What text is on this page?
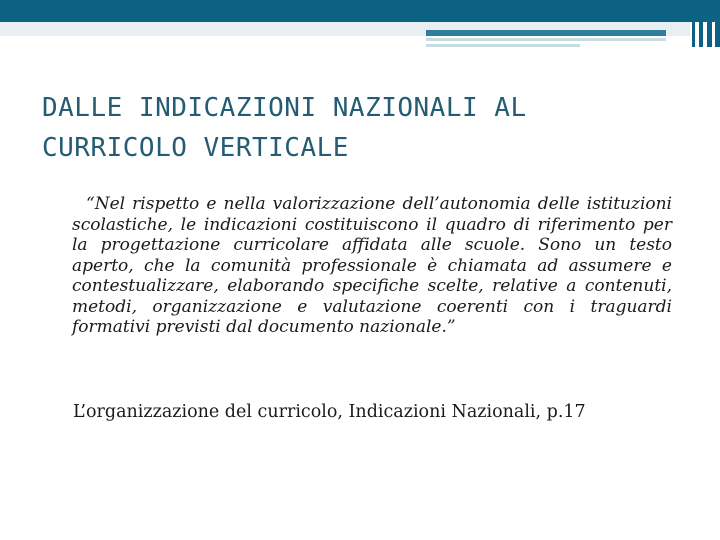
DALLE INDICAZIONI NAZIONALI AL
CURRICOLO VERTICALE

“Nel rispetto e nella valorizzazione dell’autonomia delle istituzioni scolastiche, le indicazioni costituiscono il quadro di riferimento per la progettazione curricolare affidata alle scuole. Sono un testo aperto, che la comunità professionale è chiamata ad assumere e contestualizzare, elaborando specifiche scelte, relative a contenuti, metodi, organizzazione e valutazione coerenti con i traguardi formativi previsti dal documento nazionale.”

L’organizzazione del curricolo, Indicazioni Nazionali, p.17
